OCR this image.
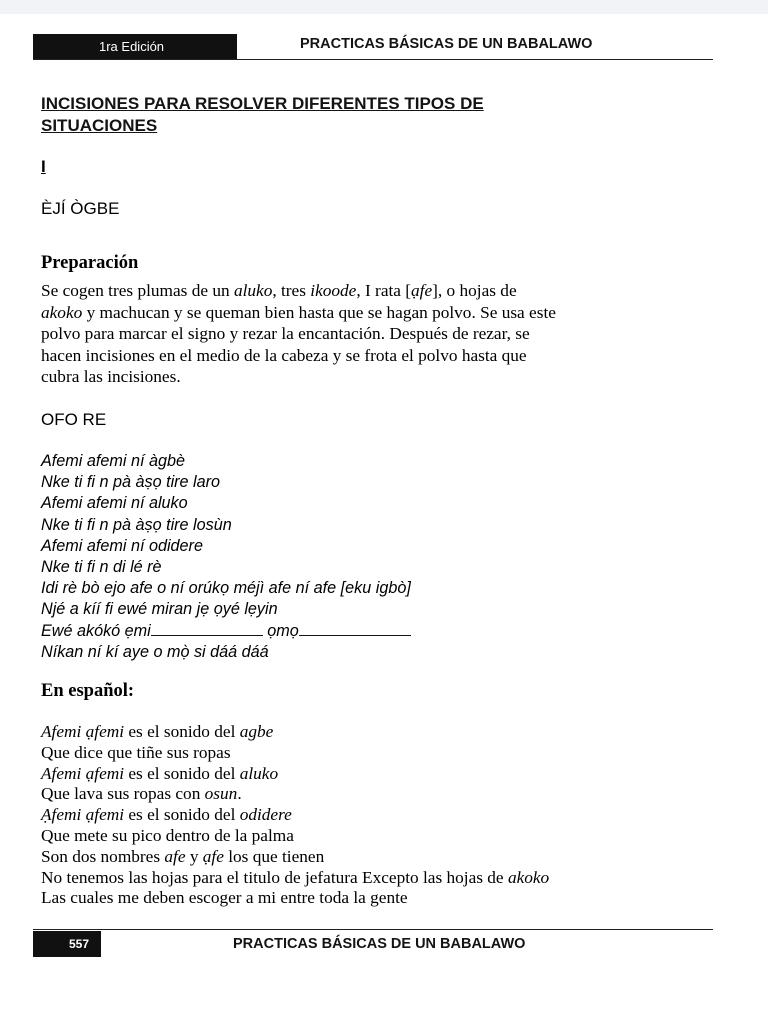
1ra Edición	PRACTICAS BÁSICAS DE UN BABALAWO
INCISIONES PARA RESOLVER DIFERENTES TIPOS DE
SITUACIONES
I
ÈJÍ ÒGBE
Preparación
Se cogen tres plumas de un aluko, tres ikoode, I rata [ạfe], o hojas de
akoko y machucan y se queman bien hasta que se hagan polvo. Se usa este
polvo para marcar el signo y rezar la encantación. Después de rezar, se
hacen incisiones en el medio de la cabeza y se frota el polvo hasta que
cubra las incisiones.
OFO RE
Afemi afemi ní àgbè
Nke ti fi n pà àṣọ tire laro
Afemi afemi ní aluko
Nke ti fi n pà àṣọ tire losùn
Afemi afemi ní odidere
Nke ti fi n di lé rè
Idi rè bò ejo afe o ní orúkọ méjì afe ní afe [eku igbò]
Njé a kíí fi ewé miran jẹ ọyé lẹyin
Ewé akókó ẹmi	ọmọ
Níkan ní kí aye o mọ̀ si dáá dáá
En español:
Afemi ạfemi es el sonido del agbe
Que dice que tiñe sus ropas
Afemi ạfemi es el sonido del aluko
Que lava sus ropas con osun.
Ạfemi ạfemi es el sonido del odidere
Que mete su pico dentro de la palma
Son dos nombres afe y ạfe los que tienen
No tenemos las hojas para el titulo de jefatura Excepto las hojas de akoko
Las cuales me deben escoger a mi entre toda la gente
557	PRACTICAS BÁSICAS DE UN BABALAWO
